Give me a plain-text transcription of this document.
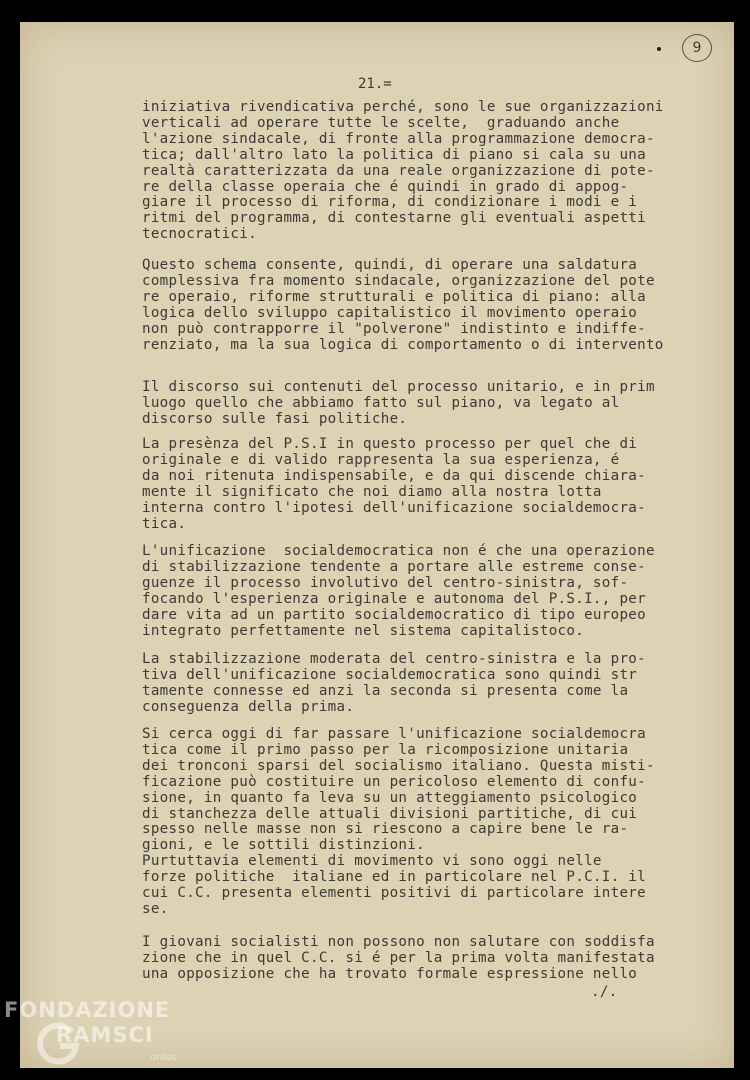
9
21.=
iniziativa rivendicativa perché, sono le sue organizzazioni
verticali ad operare tutte le scelte,  graduando anche
l'azione sindacale, di fronte alla programmazione democra-
tica; dall'altro lato la politica di piano si cala su una
realtà caratterizzata da una reale organizzazione di pote-
re della classe operaia che é quindi in grado di appog-
giare il processo di riforma, di condizionare i modi e i
ritmi del programma, di contestarne gli eventuali aspetti
tecnocratici.
Questo schema consente, quindi, di operare una saldatura
complessiva fra momento sindacale, organizzazione del pote
re operaio, riforme strutturali e politica di piano: alla
logica dello sviluppo capitalistico il movimento operaio
non può contrapporre il "polverone" indistinto e indiffe-
renziato, ma la sua logica di comportamento o di intervento
Il discorso sui contenuti del processo unitario, e in prim
luogo quello che abbiamo fatto sul piano, va legato al
discorso sulle fasi politiche.
La presènza del P.S.I in questo processo per quel che di
originale e di valido rappresenta la sua esperienza, é
da noi ritenuta indispensabile, e da qui discende chiara-
mente il significato che noi diamo alla nostra lotta
interna contro l'ipotesi dell'unificazione socialdemocra-
tica.
L'unificazione  socialdemocratica non é che una operazione
di stabilizzazione tendente a portare alle estreme conse-
guenze il processo involutivo del centro-sinistra, sof-
focando l'esperienza originale e autonoma del P.S.I., per
dare vita ad un partito socialdemocratico di tipo europeo
integrato perfettamente nel sistema capitalistoco.
La stabilizzazione moderata del centro-sinistra e la pro-
tiva dell'unificazione socialdemocratica sono quindi str
tamente connesse ed anzi la seconda si presenta come la
conseguenza della prima.
Si cerca oggi di far passare l'unificazione socialdemocra
tica come il primo passo per la ricomposizione unitaria
dei tronconi sparsi del socialismo italiano. Questa misti-
ficazione può costituire un pericoloso elemento di confu-
sione, in quanto fa leva su un atteggiamento psicologico
di stanchezza delle attuali divisioni partitiche, di cui
spesso nelle masse non si riescono a capire bene le ra-
gioni, e le sottili distinzioni.
Purtuttavia elementi di movimento vi sono oggi nelle
forze politiche  italiane ed in particolare nel P.C.I. il
cui C.C. presenta elementi positivi di particolare intere
se.
I giovani socialisti non possono non salutare con soddisfa
zione che in quel C.C. si é per la prima volta manifestata
una opposizione che ha trovato formale espressione nello
./.
FONDAZIONE
RAMSCI
onlus
